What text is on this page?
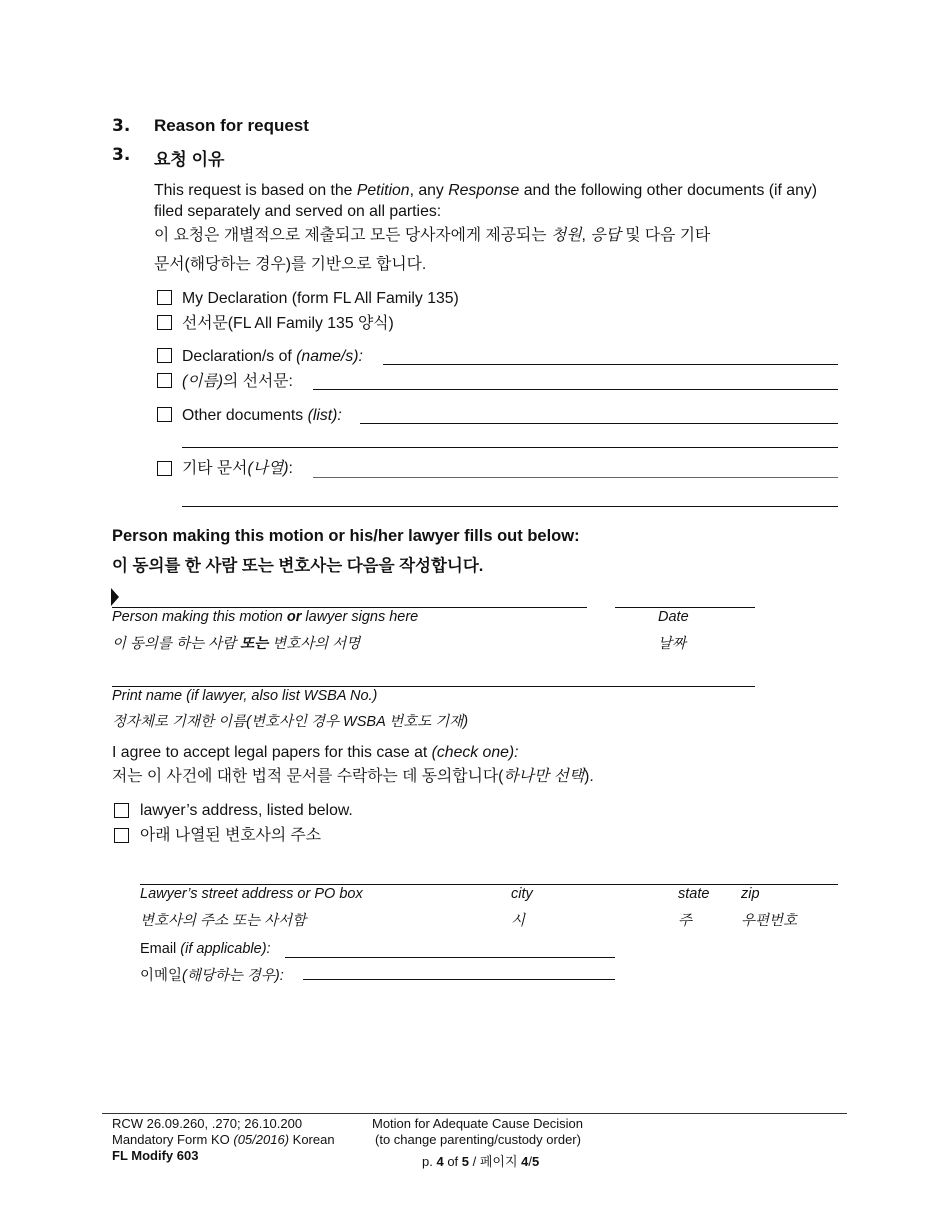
3. Reason for request
3. 요청 이유
This request is based on the Petition, any Response and the following other documents (if any) filed separately and served on all parties:
이 요청은 개별적으로 제출되고 모든 당사자에게 제공되는 청원, 응답 및 다음 기타
문서(해당하는 경우)를 기반으로 합니다.
My Declaration (form FL All Family 135)
선서문(FL All Family 135 양식)
Declaration/s of (name/s):
(이름)의 선서문:
Other documents (list):
기타 문서(나열):
Person making this motion or his/her lawyer fills out below:
이 동의를 한 사람 또는 변호사는 다음을 작성합니다.
Person making this motion or lawyer signs here
이 동의를 하는 사람 또는 변호사의 서명
Date
날짜
Print name (if lawyer, also list WSBA No.)
정자체로 기재한 이름(변호사인 경우 WSBA 번호도 기재)
I agree to accept legal papers for this case at (check one):
저는 이 사건에 대한 법적 문서를 수락하는 데 동의합니다(하나만 선택).
lawyer’s address, listed below.
아래 나열된 변호사의 주소
Lawyer’s street address or PO box
변호사의 주소 또는 사서함
city
시
state
주
zip
우편번호
Email (if applicable):
이메일(해당하는 경우):
RCW 26.09.260, .270; 26.10.200
Mandatory Form KO (05/2016) Korean
FL Modify 603
Motion for Adequate Cause Decision
(to change parenting/custody order)
p. 4 of 5 / 페이지 4/5
